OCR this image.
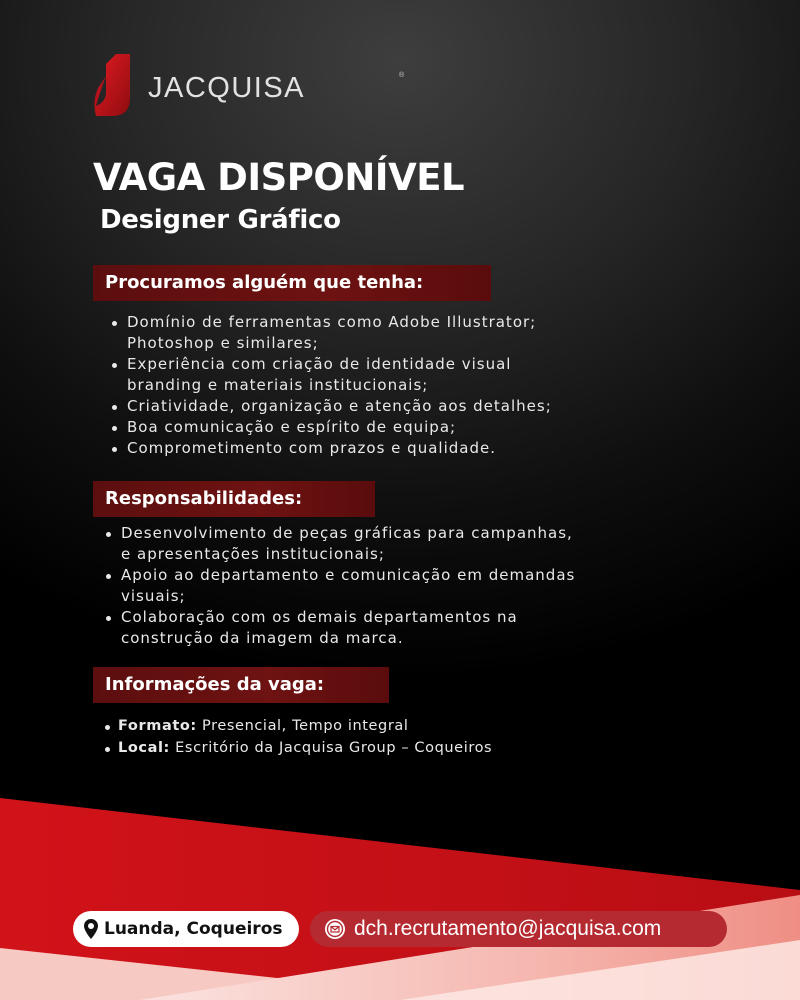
JACQUISA	®
VAGA DISPONÍVEL
Designer Gráfico
Procuramos alguém que tenha:
Domínio de ferramentas como Adobe Illustrator;
Photoshop e similares;
Experiência com criação de identidade visual
branding e materiais institucionais;
Criatividade, organização e atenção aos detalhes;
Boa comunicação e espírito de equipa;
Comprometimento com prazos e qualidade.
Responsabilidades:
Desenvolvimento de peças gráficas para campanhas,
e apresentações institucionais;
Apoio ao departamento e comunicação em demandas
visuais;
Colaboração com os demais departamentos na
construção da imagem da marca.
Informações da vaga:
Formato: Presencial, Tempo integral
Local: Escritório da Jacquisa Group – Coqueiros
Luanda, Coqueiros	dch.recrutamento@jacquisa.com
